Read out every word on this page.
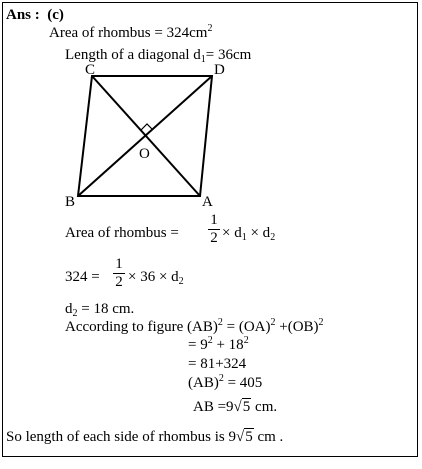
Ans : (c)
Area of rhombus = $324cm^2$
Length of a diagonal $d_1= 36cm$
C	D
O
B	A
Area of rhombus =
1
$2 \times d_1 \times d_2$
324 =
1
$2 \times 36 \times d_2$
$d_2 = 18$ cm.
According to figure (AB)$^2$ = (OA)$^2$ +(OB)$^2$
= $9^2 + 18^2$
= 81+324
(AB)$^2$ = 405
AB =9√5 cm.
So length of each side of rhombus is 9√5 cm .
